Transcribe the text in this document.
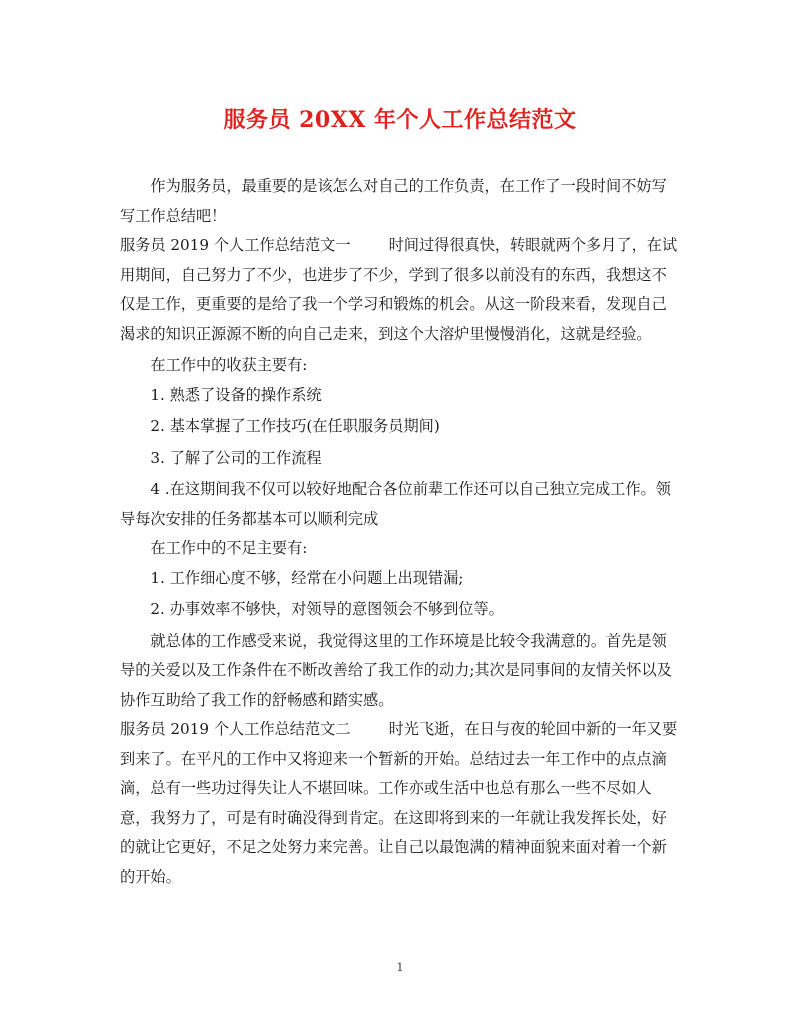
服务员 20XX 年个人工作总结范文

作为服务员，最重要的是该怎么对自己的工作负责，在工作了一段时间不妨写写工作总结吧！

服务员 2019 个人工作总结范文一	时间过得很真快，转眼就两个多月了，在试用期间，自己努力了不少，也进步了不少，学到了很多以前没有的东西，我想这不仅是工作，更重要的是给了我一个学习和锻炼的机会。从这一阶段来看，发现自己渴求的知识正源源不断的向自己走来，到这个大溶炉里慢慢消化，这就是经验。

在工作中的收获主要有:

1. 熟悉了设备的操作系统

2. 基本掌握了工作技巧(在任职服务员期间)

3. 了解了公司的工作流程

4 .在这期间我不仅可以较好地配合各位前辈工作还可以自己独立完成工作。领导每次安排的任务都基本可以顺利完成

在工作中的不足主要有:

1. 工作细心度不够，经常在小问题上出现错漏;

2. 办事效率不够快，对领导的意图领会不够到位等。

就总体的工作感受来说，我觉得这里的工作环境是比较令我满意的。首先是领导的关爱以及工作条件在不断改善给了我工作的动力;其次是同事间的友情关怀以及协作互助给了我工作的舒畅感和踏实感。

服务员 2019 个人工作总结范文二	时光飞逝，在日与夜的轮回中新的一年又要到来了。在平凡的工作中又将迎来一个暂新的开始。总结过去一年工作中的点点滴滴，总有一些功过得失让人不堪回味。工作亦或生活中也总有那么一些不尽如人意，我努力了，可是有时确没得到肯定。在这即将到来的一年就让我发挥长处，好的就让它更好，不足之处努力来完善。让自己以最饱满的精神面貌来面对着一个新的开始。

1
